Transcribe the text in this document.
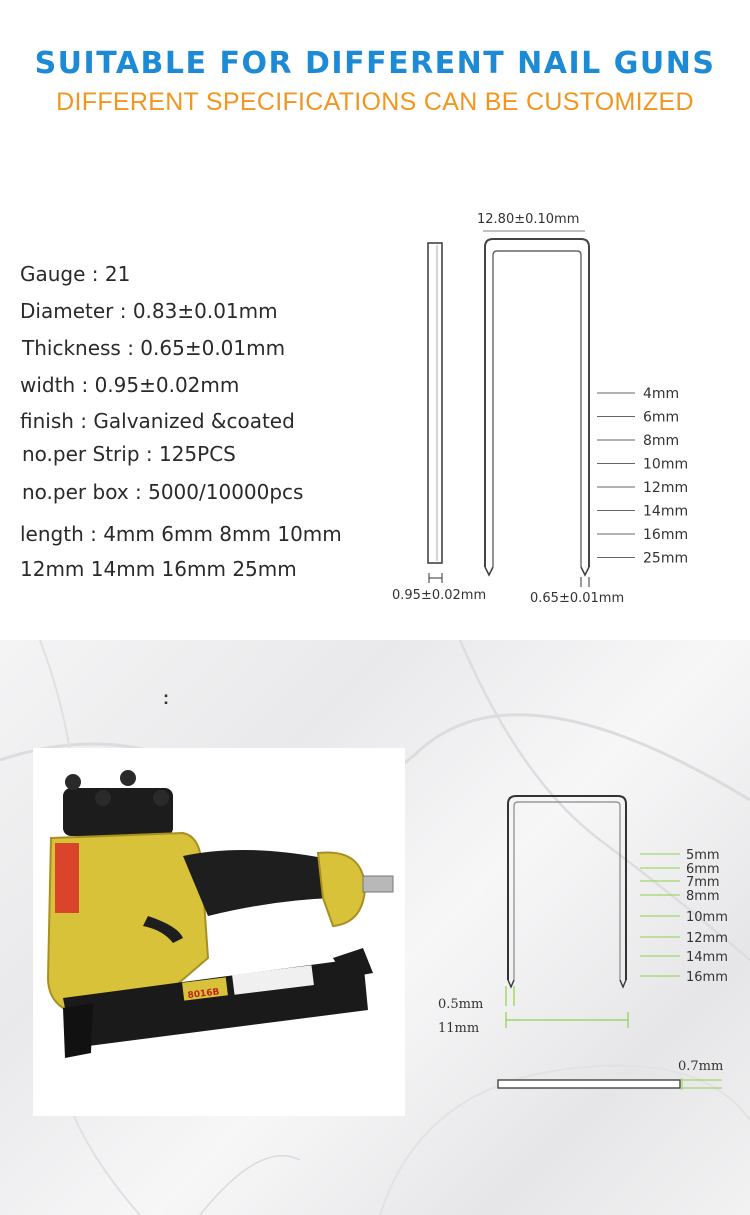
SUITABLE FOR DIFFERENT NAIL GUNS
DIFFERENT SPECIFICATIONS CAN BE CUSTOMIZED
Gauge : 21
Diameter : 0.83±0.01mm
Thickness : 0.65±0.01mm
width : 0.95±0.02mm
finish : Galvanized &coated
no.per Strip : 125PCS
no.per box : 5000/10000pcs
length : 4mm 6mm 8mm 10mm
12mm 14mm 16mm 25mm
12.80±0.10mm
0.95±0.02mm	0.65±0.01mm
4mm
6mm
8mm
10mm
12mm
14mm
16mm
25mm
:
8016B
0.5mm
11mm
0.7mm
5mm
6mm
7mm
8mm
10mm
12mm
14mm
16mm
